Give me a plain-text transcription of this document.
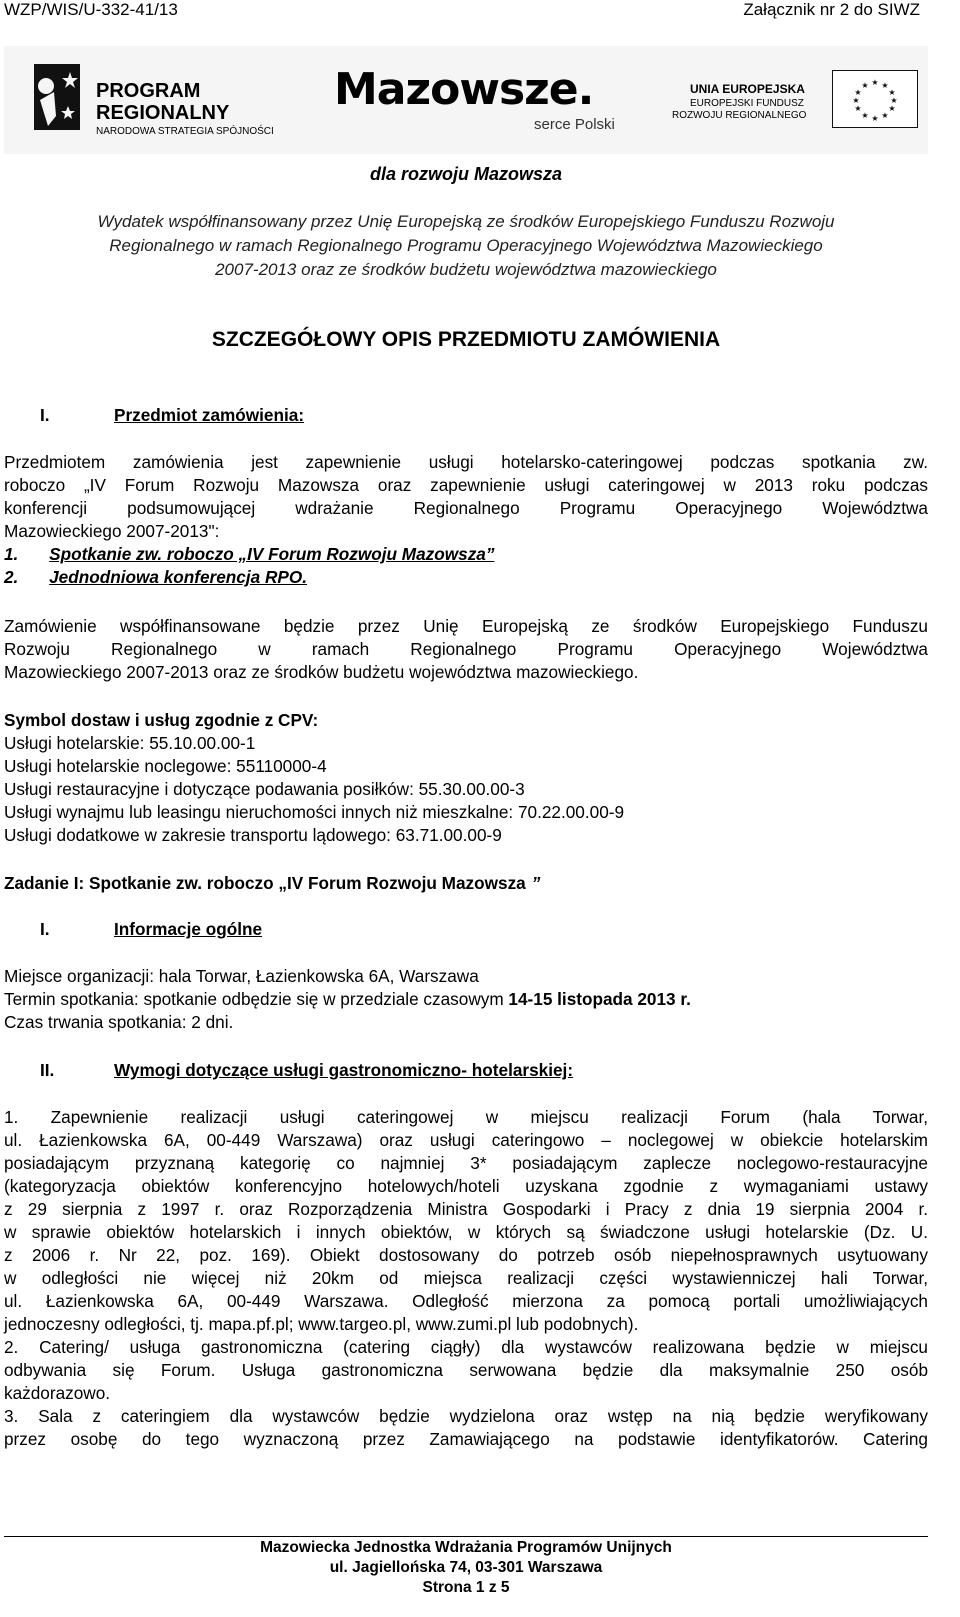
WZP/WIS/U-332-41/13	Załącznik nr 2 do SIWZ
PROGRAM
REGIONALNY
NARODOWA STRATEGIA SPÓJNOŚCI
Mazowsze.
serce Polski
UNIA EUROPEJSKA
EUROPEJSKI FUNDUSZ
ROZWOJU REGIONALNEGO
★ ★
★
★
★
★
★
★
★
★
★
★
dla rozwoju Mazowsza
Wydatek współfinansowany przez Unię Europejską ze środków Europejskiego Funduszu Rozwoju
Regionalnego w ramach Regionalnego Programu Operacyjnego Województwa Mazowieckiego
2007-2013 oraz ze środków budżetu województwa mazowieckiego
SZCZEGÓŁOWY OPIS PRZEDMIOTU ZAMÓWIENIA
I.	Przedmiot zamówienia:
Przedmiotem zamówienia jest zapewnienie usługi hotelarsko-cateringowej podczas spotkania zw.
roboczo „IV Forum Rozwoju Mazowsza oraz zapewnienie usługi cateringowej w 2013 roku podczas
konferencji podsumowującej wdrażanie Regionalnego Programu Operacyjnego Województwa
Mazowieckiego 2007-2013":
1. Spotkanie zw. roboczo „IV Forum Rozwoju Mazowsza”
2. Jednodniowa konferencja RPO.
Zamówienie współfinansowane będzie przez Unię Europejską ze środków Europejskiego Funduszu
Rozwoju Regionalnego w ramach Regionalnego Programu Operacyjnego Województwa
Mazowieckiego 2007-2013 oraz ze środków budżetu województwa mazowieckiego.
Symbol dostaw i usług zgodnie z CPV:
Usługi hotelarskie: 55.10.00.00-1
Usługi hotelarskie noclegowe: 55110000-4
Usługi restauracyjne i dotyczące podawania posiłków: 55.30.00.00-3
Usługi wynajmu lub leasingu nieruchomości innych niż mieszkalne: 70.22.00.00-9
Usługi dodatkowe w zakresie transportu lądowego: 63.71.00.00-9
Zadanie I: Spotkanie zw. roboczo „IV Forum Rozwoju Mazowsza ”
I.	Informacje ogólne
Miejsce organizacji: hala Torwar, Łazienkowska 6A, Warszawa
Termin spotkania: spotkanie odbędzie się w przedziale czasowym 14-15 listopada 2013 r.
Czas trwania spotkania: 2 dni.
II.	Wymogi dotyczące usługi gastronomiczno- hotelarskiej:
1. Zapewnienie realizacji usługi cateringowej w miejscu realizacji Forum (hala Torwar,
ul. Łazienkowska 6A, 00-449 Warszawa) oraz usługi cateringowo – noclegowej w obiekcie hotelarskim
posiadającym przyznaną kategorię co najmniej 3* posiadającym zaplecze noclegowo-restauracyjne
(kategoryzacja obiektów konferencyjno hotelowych/hoteli uzyskana zgodnie z wymaganiami ustawy
z 29 sierpnia z 1997 r. oraz Rozporządzenia Ministra Gospodarki i Pracy z dnia 19 sierpnia 2004 r.
w sprawie obiektów hotelarskich i innych obiektów, w których są świadczone usługi hotelarskie (Dz. U.
z 2006 r. Nr 22, poz. 169). Obiekt dostosowany do potrzeb osób niepełnosprawnych usytuowany
w odległości nie więcej niż 20km od miejsca realizacji części wystawienniczej hali Torwar,
ul. Łazienkowska 6A, 00-449 Warszawa. Odległość mierzona za pomocą portali umożliwiających
jednoczesny odległości, tj. mapa.pf.pl; www.targeo.pl, www.zumi.pl lub podobnych).
2. Catering/ usługa gastronomiczna (catering ciągły) dla wystawców realizowana będzie w miejscu
odbywania się Forum. Usługa gastronomiczna serwowana będzie dla maksymalnie 250 osób
każdorazowo.
3. Sala z cateringiem dla wystawców będzie wydzielona oraz wstęp na nią będzie weryfikowany
przez osobę do tego wyznaczoną przez Zamawiającego na podstawie identyfikatorów. Catering
Mazowiecka Jednostka Wdrażania Programów Unijnych
ul. Jagiellońska 74, 03-301 Warszawa
Strona 1 z 5
